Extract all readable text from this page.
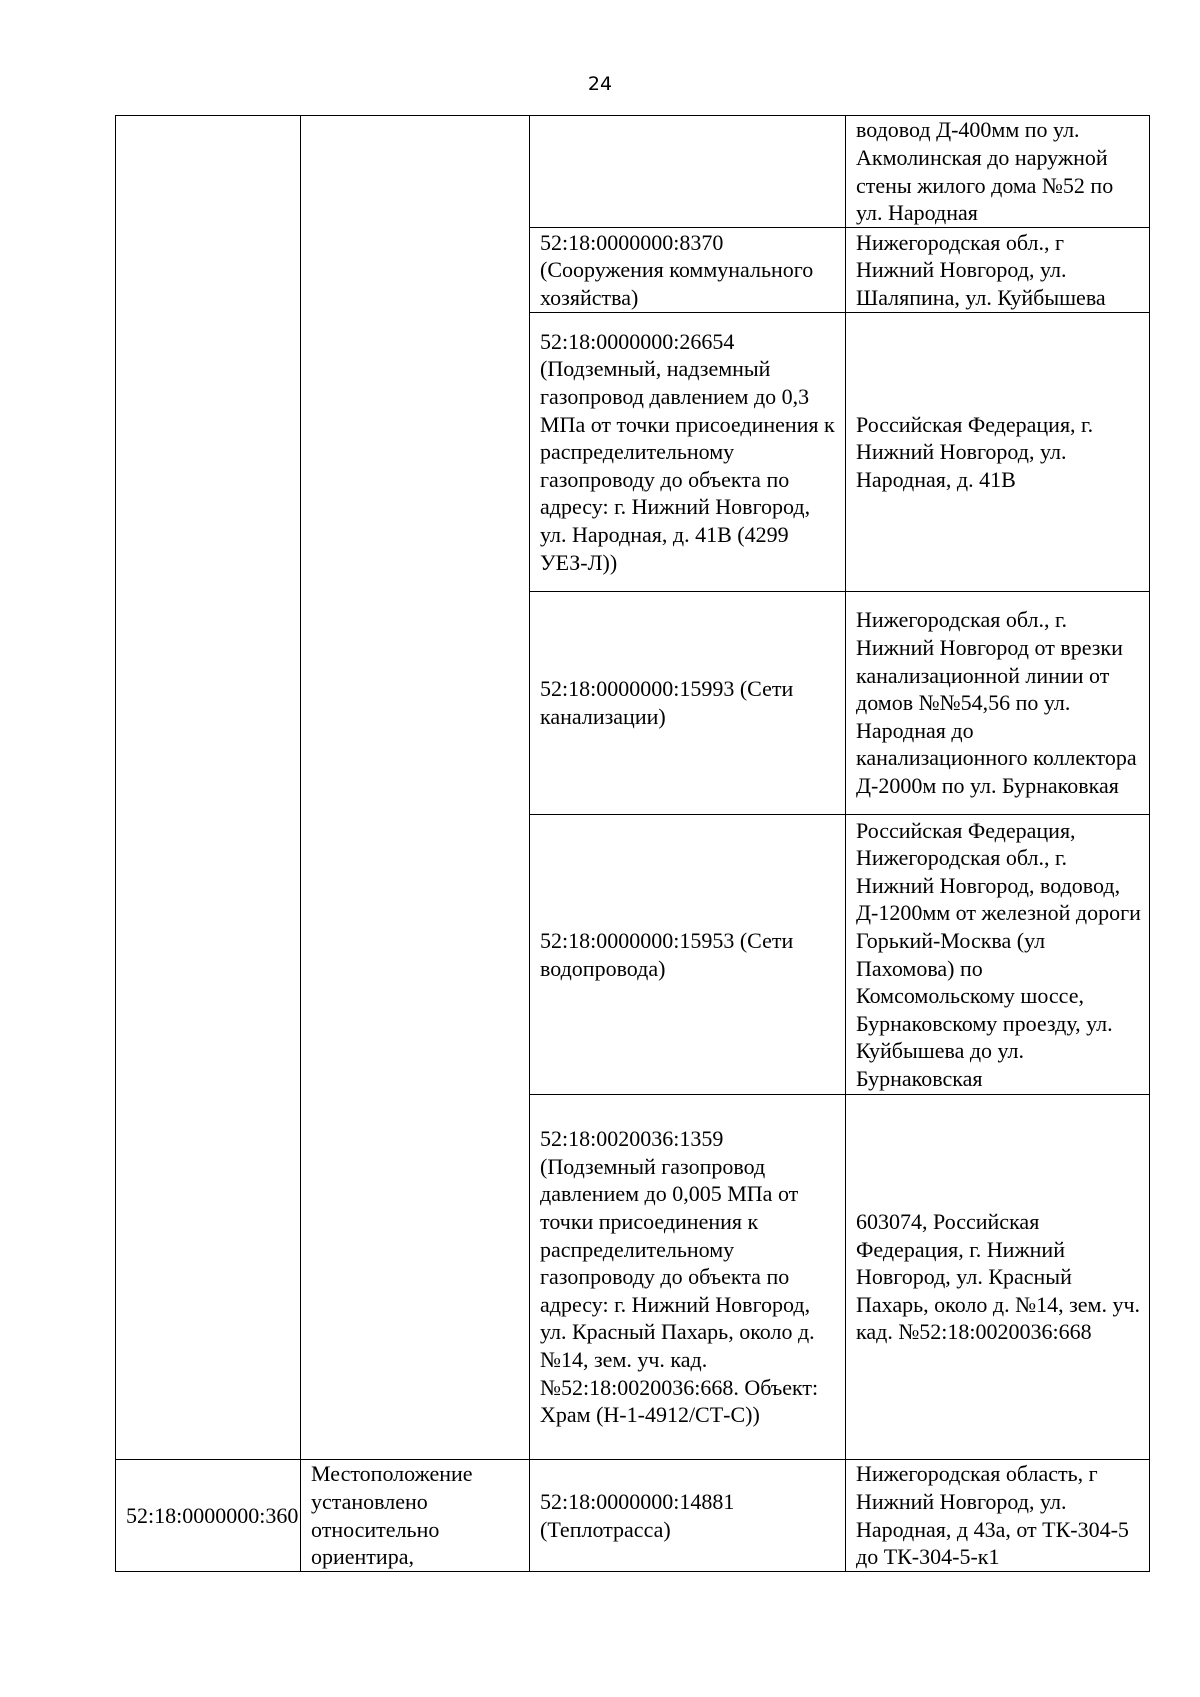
24
			водовод Д-400мм по ул. Акмолинская до наружной стены жилого дома №52 по ул. Народная
		52:18:0000000:8370 (Сооружения коммунального хозяйства)	Нижегородская обл., г Нижний Новгород, ул. Шаляпина, ул. Куйбышева
		52:18:0000000:26654 (Подземный, надземный газопровод давлением до 0,3 МПа от точки присоединения к распределительному газопроводу до объекта по адресу: г. Нижний Новгород, ул. Народная, д. 41В (4299 УЕЗ-Л))	Российская Федерация, г. Нижний Новгород, ул. Народная, д. 41В
		52:18:0000000:15993 (Сети канализации)	Нижегородская обл., г. Нижний Новгород от врезки канализационной линии от домов №№54,56 по ул. Народная до канализационного коллектора Д-2000м по ул. Бурнаковкая
		52:18:0000000:15953 (Сети водопровода)	Российская Федерация, Нижегородская обл., г. Нижний Новгород, водовод, Д-1200мм от железной дороги Горький-Москва (ул Пахомова) по Комсомольскому шоссе, Бурнаковскому проезду, ул. Куйбышева до ул. Бурнаковская
		52:18:0020036:1359 (Подземный газопровод давлением до 0,005 МПа от точки присоединения к распределительному газопроводу до объекта по адресу: г. Нижний Новгород, ул. Красный Пахарь, около д. №14, зем. уч. кад. №52:18:0020036:668. Объект: Храм (Н-1-4912/СТ-С))	603074, Российская Федерация, г. Нижний Новгород, ул. Красный Пахарь, около д. №14, зем. уч. кад. №52:18:0020036:668
52:18:0000000:360	Местоположение установлено относительно ориентира,	52:18:0000000:14881 (Теплотрасса)	Нижегородская область, г Нижний Новгород, ул. Народная, д 43а, от ТК-304-5 до ТК-304-5-к1
